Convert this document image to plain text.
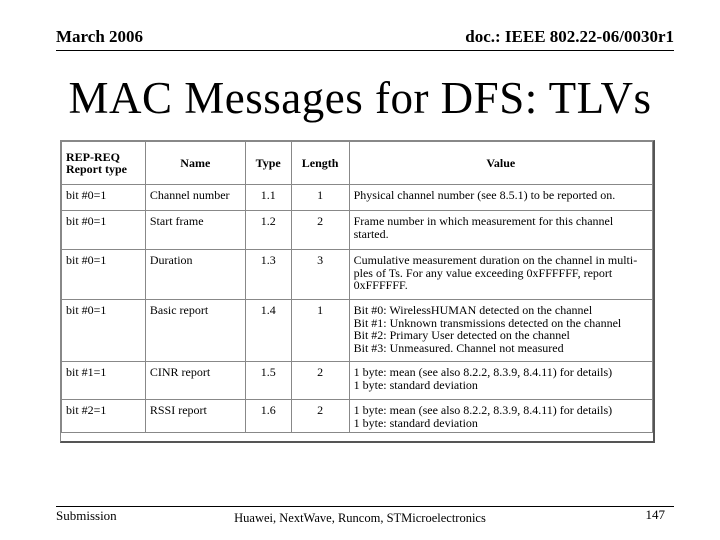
March 2006	doc.: IEEE 802.22-06/0030r1
MAC Messages for DFS: TLVs
REP-REQ
Report type	Name	Type	Length	Value
bit #0=1	Channel number	1.1	1	Physical channel number (see 8.5.1) to be reported on.
bit #0=1	Start frame	1.2	2	Frame number in which measurement for this channel started.
bit #0=1	Duration	1.3	3	Cumulative measurement duration on the channel in multi-ples of Ts. For any value exceeding 0xFFFFFF, report 0xFFFFFF.
bit #0=1	Basic report	1.4	1	Bit #0: WirelessHUMAN detected on the channel
Bit #1: Unknown transmissions detected on the channel
Bit #2: Primary User detected on the channel
Bit #3: Unmeasured. Channel not measured
bit #1=1	CINR report	1.5	2	1 byte: mean (see also 8.2.2, 8.3.9, 8.4.11) for details)
1 byte: standard deviation
bit #2=1	RSSI report	1.6	2	1 byte: mean (see also 8.2.2, 8.3.9, 8.4.11) for details)
1 byte: standard deviation
Submission	Huawei, NextWave, Runcom, STMicroelectronics	147
